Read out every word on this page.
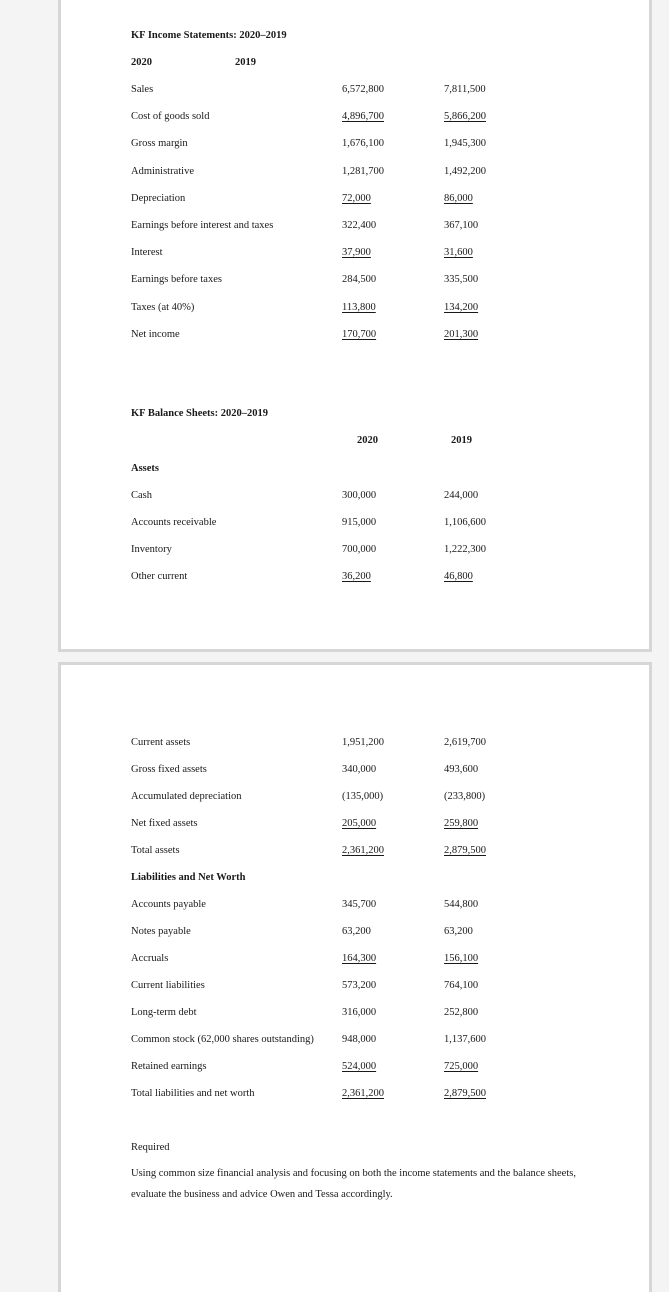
KF Income Statements: 2020–2019
2020	2019
Sales	6,572,800	7,811,500
Cost of goods sold	4,896,700	5,866,200
Gross margin	1,676,100	1,945,300
Administrative	1,281,700	1,492,200
Depreciation	72,000	86,000
Earnings before interest and taxes	322,400	367,100
Interest	37,900	31,600
Earnings before taxes	284,500	335,500
Taxes (at 40%)	113,800	134,200
Net income	170,700	201,300
KF Balance Sheets: 2020–2019
2020	2019
Assets
Cash	300,000	244,000
Accounts receivable	915,000	1,106,600
Inventory	700,000	1,222,300
Other current	36,200	46,800
Current assets	1,951,200	2,619,700
Gross fixed assets	340,000	493,600
Accumulated depreciation	(135,000)	(233,800)
Net fixed assets	205,000	259,800
Total assets	2,361,200	2,879,500
Liabilities and Net Worth
Accounts payable	345,700	544,800
Notes payable	63,200	63,200
Accruals	164,300	156,100
Current liabilities	573,200	764,100
Long-term debt	316,000	252,800
Common stock (62,000 shares outstanding)	948,000	1,137,600
Retained earnings	524,000	725,000
Total liabilities and net worth	2,361,200	2,879,500
Required
Using common size financial analysis and focusing on both the income statements and the balance sheets, evaluate the business and advice Owen and Tessa accordingly.
